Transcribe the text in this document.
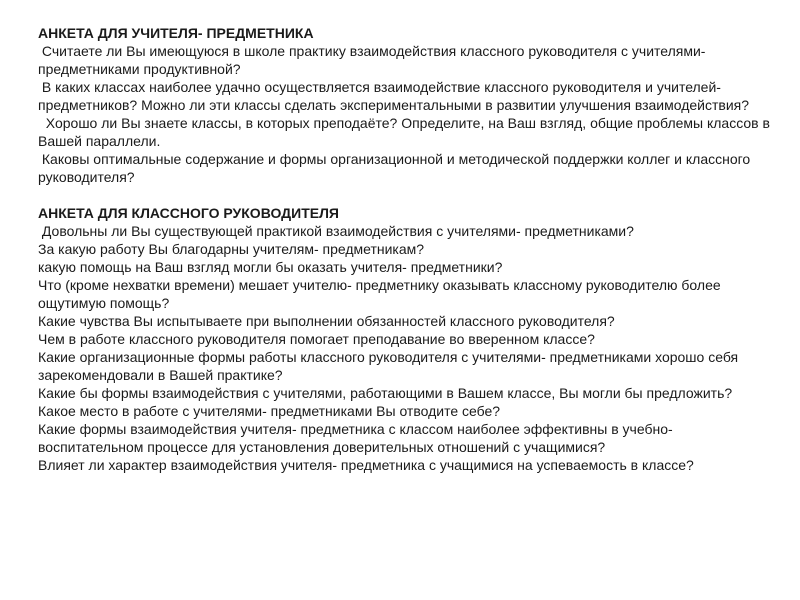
АНКЕТА ДЛЯ УЧИТЕЛЯ- ПРЕДМЕТНИКА

Считаете ли Вы имеющуюся в школе практику взаимодействия классного руководителя с учителями- предметниками продуктивной?

В каких классах наиболее удачно осуществляется взаимодействие классного руководителя и учителей- предметников? Можно ли эти классы сделать экспериментальными в развитии улучшения взаимодействия?

Хорошо ли Вы знаете классы, в которых преподаёте? Определите, на Ваш взгляд, общие проблемы классов в Вашей параллели.

Каковы оптимальные содержание и формы организационной и методической поддержки коллег и классного руководителя?

АНКЕТА ДЛЯ КЛАССНОГО РУКОВОДИТЕЛЯ

Довольны ли Вы существующей практикой взаимодействия с учителями- предметниками?

За какую работу Вы благодарны учителям- предметникам?

какую помощь на Ваш взгляд могли бы оказать учителя- предметники?

Что (кроме нехватки времени) мешает учителю- предметнику оказывать классному руководителю более ощутимую помощь?

Какие чувства Вы испытываете при выполнении обязанностей классного руководителя?

Чем в работе классного руководителя помогает преподавание во вверенном классе?

Какие организационные формы работы классного руководителя с учителями- предметниками хорошо себя зарекомендовали в Вашей практике?

Какие бы формы взаимодействия с учителями, работающими в Вашем классе, Вы могли бы предложить?

Какое место в работе с учителями- предметниками Вы отводите себе?

Какие формы взаимодействия учителя- предметника с классом наиболее эффективны в учебно-воспитательном процессе для установления доверительных отношений с учащимися?

Влияет ли характер взаимодействия учителя- предметника с учащимися на успеваемость в классе?
